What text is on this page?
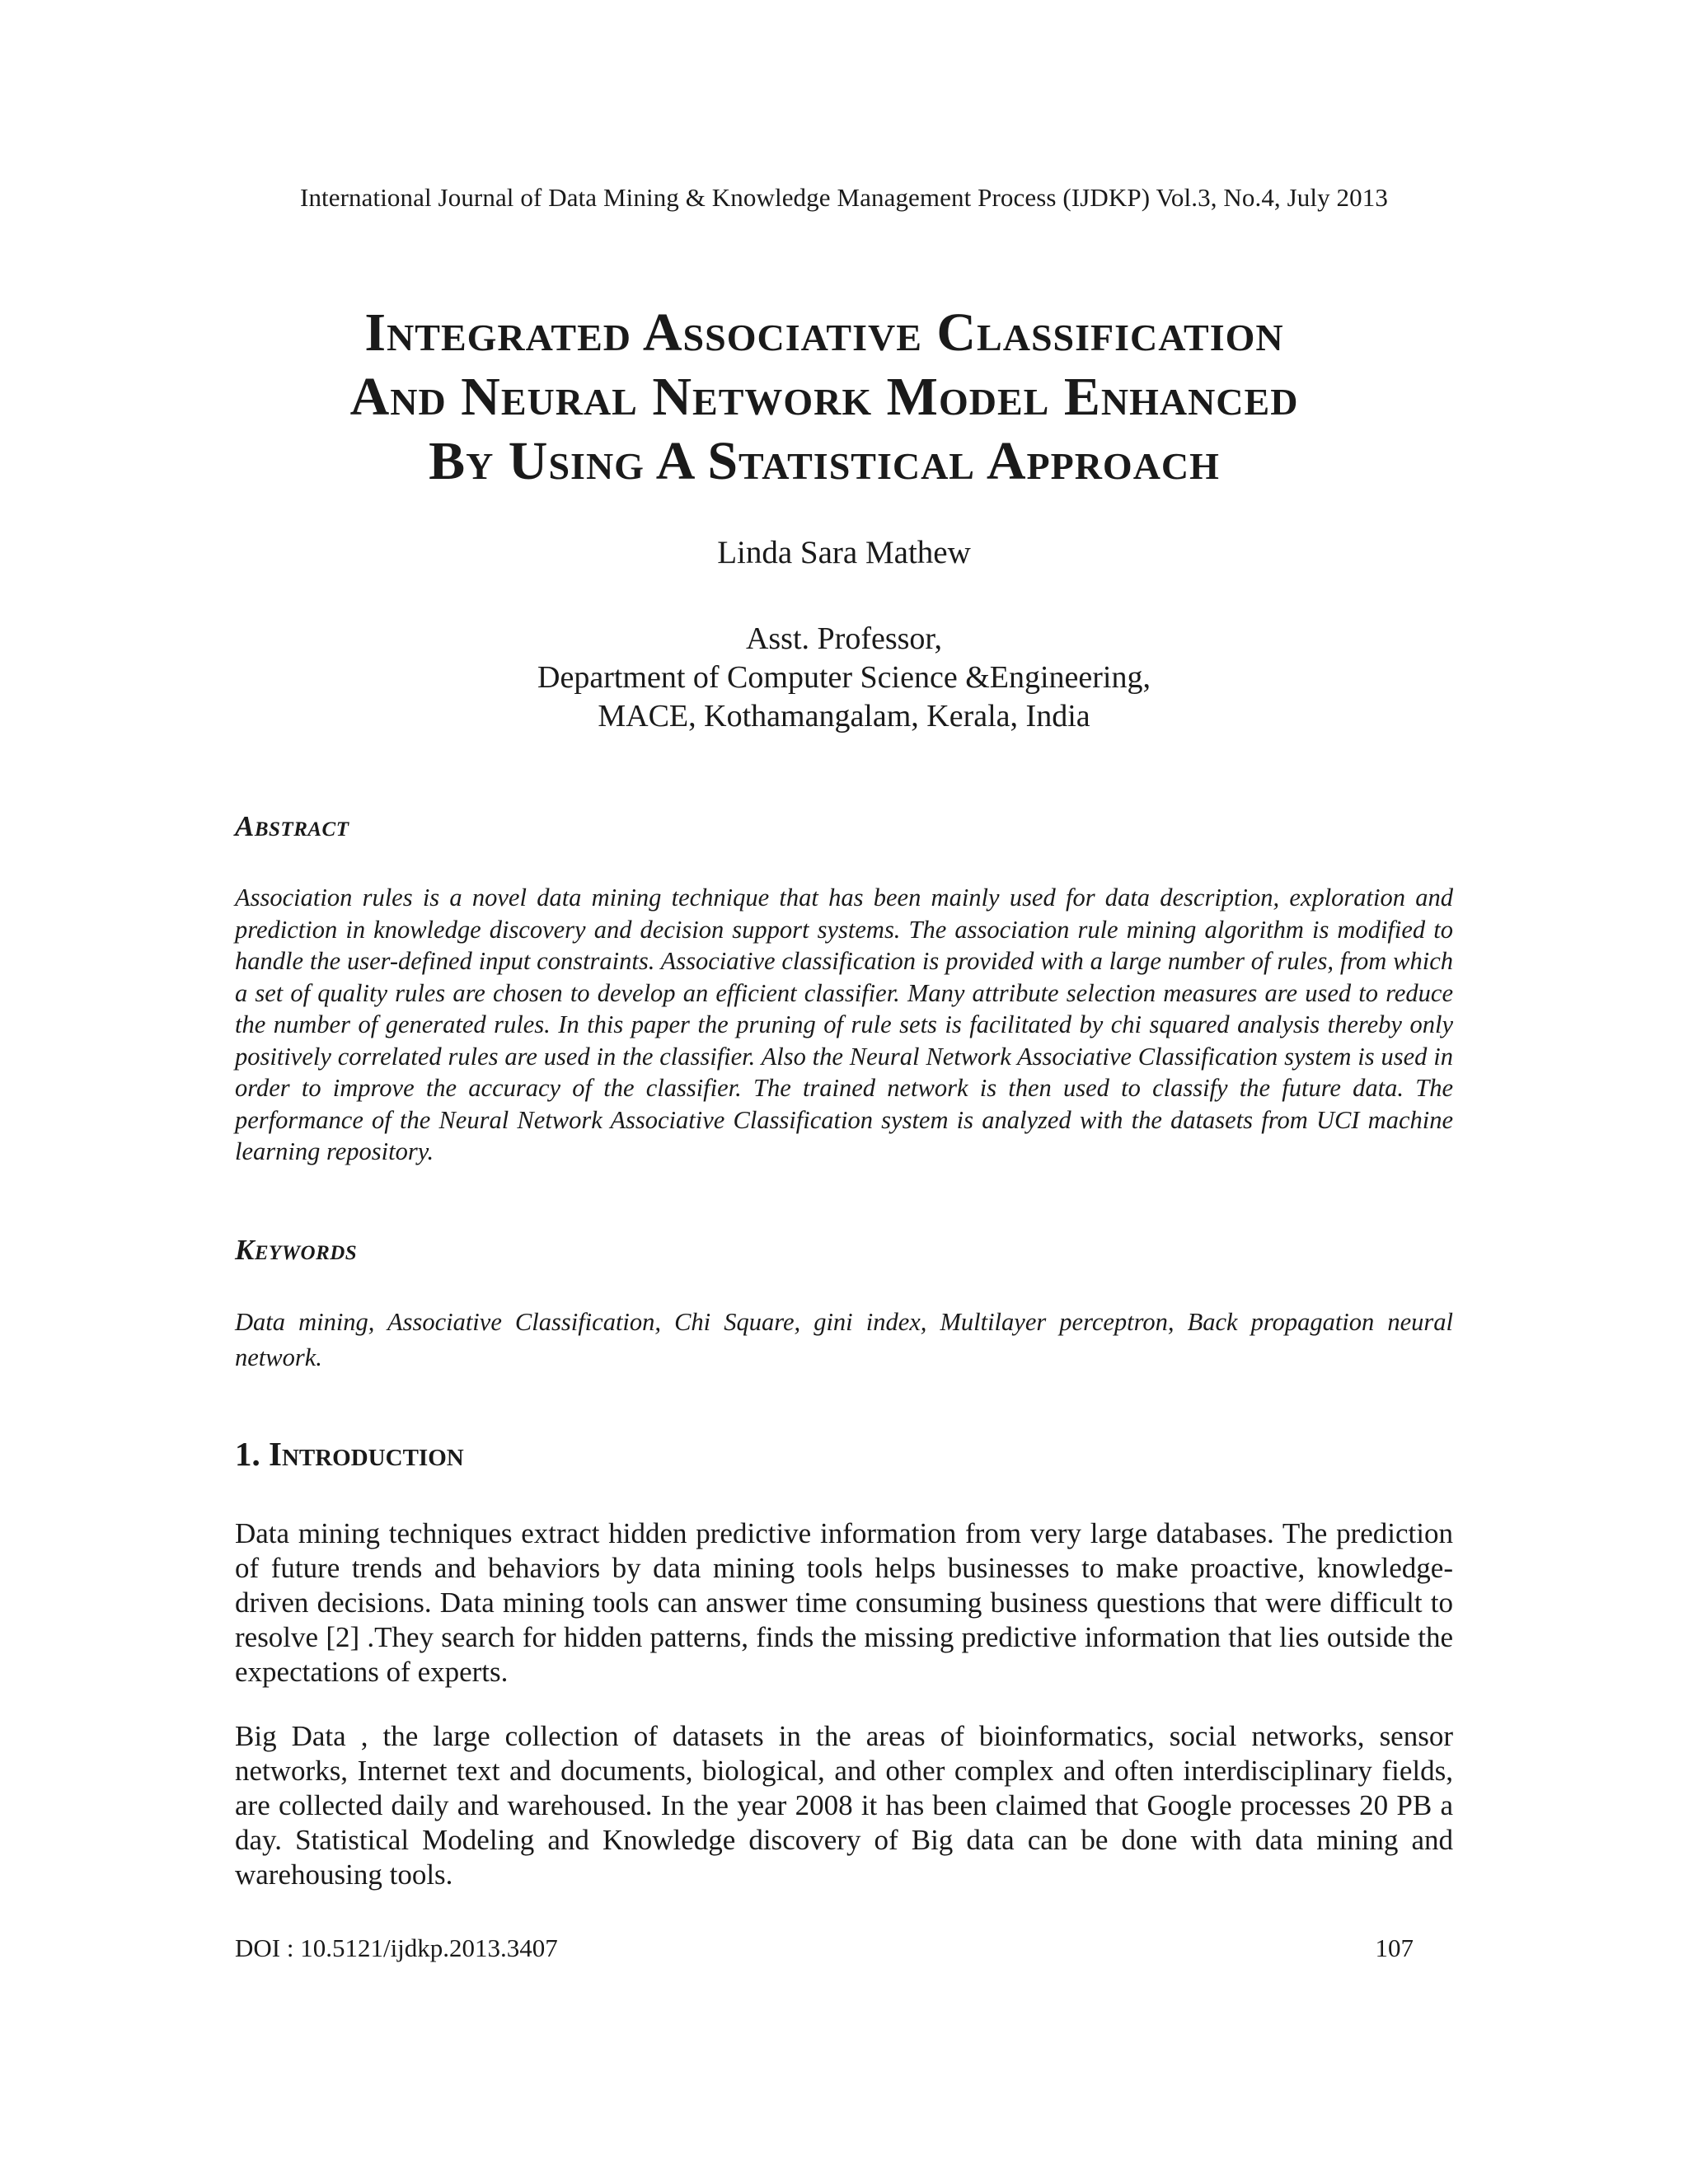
International Journal of Data Mining & Knowledge Management Process (IJDKP) Vol.3, No.4, July 2013
Integrated Associative Classification
And Neural Network Model Enhanced
By Using A Statistical Approach
Linda Sara Mathew
Asst. Professor,
Department of Computer Science &Engineering,
MACE, Kothamangalam, Kerala, India
Abstract

Association rules is a novel data mining technique that has been mainly used for data description, exploration and prediction in knowledge discovery and decision support systems. The association rule mining algorithm is modified to handle the user-defined input constraints. Associative classification is provided with a large number of rules, from which a set of quality rules are chosen to develop an efficient classifier. Many attribute selection measures are used to reduce the number of generated rules. In this paper the pruning of rule sets is facilitated by chi squared analysis thereby only positively correlated rules are used in the classifier. Also the Neural Network Associative Classification system is used in order to improve the accuracy of the classifier. The trained network is then used to classify the future data. The performance of the Neural Network Associative Classification system is analyzed with the datasets from UCI machine learning repository.

Keywords

Data mining, Associative Classification, Chi Square, gini index, Multilayer perceptron, Back propagation neural network.

1. Introduction

Data mining techniques extract hidden predictive information from very large databases. The prediction of future trends and behaviors by data mining tools helps businesses to make proactive, knowledge-driven decisions. Data mining tools can answer time consuming business questions that were difficult to resolve [2] .They search for hidden patterns, finds the missing predictive information that lies outside the expectations of experts.

Big Data , the large collection of datasets in the areas of bioinformatics, social networks, sensor networks, Internet text and documents, biological, and other complex and often interdisciplinary fields, are collected daily and warehoused. In the year 2008 it has been claimed that Google processes 20 PB a day. Statistical Modeling and Knowledge discovery of Big data can be done with data mining and warehousing tools.

DOI : 10.5121/ijdkp.2013.3407	107
